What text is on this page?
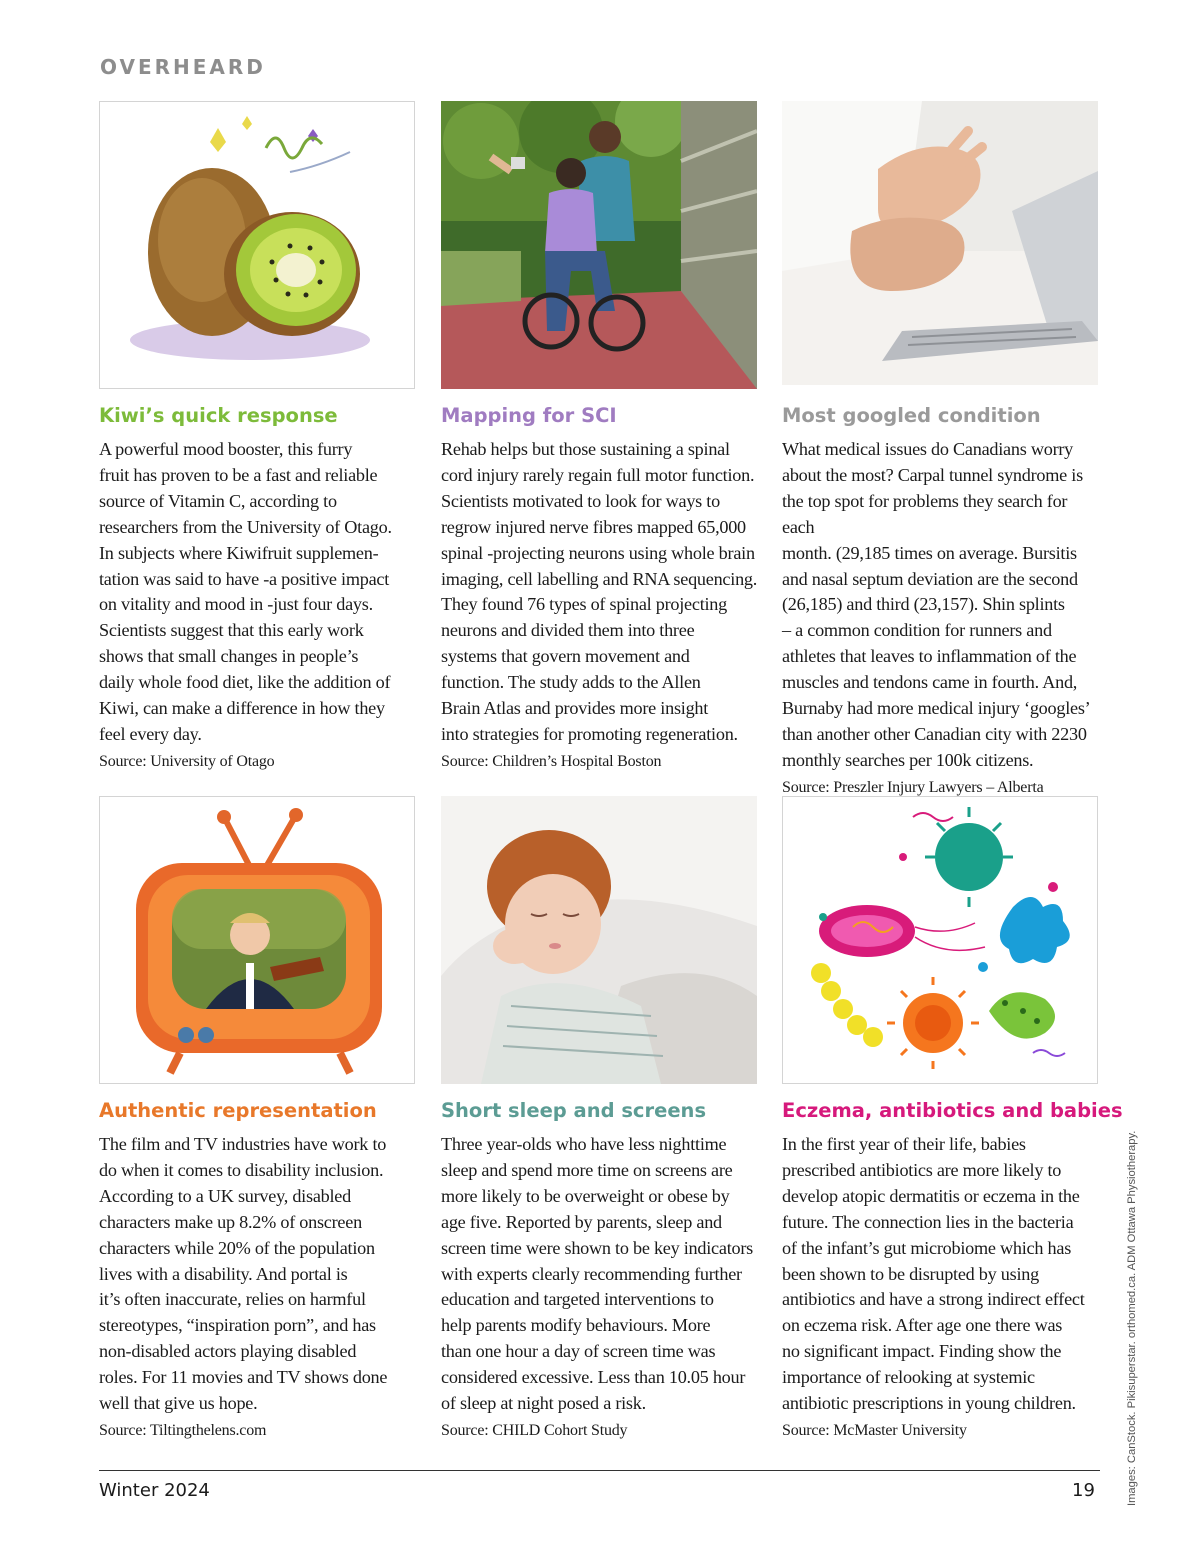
OVERHEARD
Kiwi’s quick response

A powerful mood booster, this furry
fruit has proven to be a fast and reliable
source of Vitamin C, according to
researchers from the University of Otago.
In subjects where Kiwifruit supplemen-
tation was said to have -a positive impact
on vitality and mood in -just four days.
Scientists suggest that this early work
shows that small changes in people’s
daily whole food diet, like the addition of
Kiwi, can make a difference in how they
feel every day.

Source: University of Otago
Mapping for SCI

Rehab helps but those sustaining a spinal
cord injury rarely regain full motor function.
Scientists motivated to look for ways to
regrow injured nerve fibres mapped 65,000
spinal -projecting neurons using whole brain
imaging, cell labelling and RNA sequencing.
They found 76 types of spinal projecting
neurons and divided them into three
systems that govern movement and
function. The study adds to the Allen
Brain Atlas and provides more insight
into strategies for promoting regeneration.

Source: Children’s Hospital Boston
Most googled condition

What medical issues do Canadians worry
about the most? Carpal tunnel syndrome is
the top spot for problems they search for each
month. (29,185 times on average. Bursitis
and nasal septum deviation are the second
(26,185) and third (23,157). Shin splints
– a common condition for runners and
athletes that leaves to inflammation of the
muscles and tendons came in fourth. And,
Burnaby had more medical injury ‘googles’
than another other Canadian city with 2230
monthly searches per 100k citizens.

Source: Preszler Injury Lawyers – Alberta
Authentic representation

The film and TV industries have work to
do when it comes to disability inclusion.
According to a UK survey, disabled
characters make up 8.2% of onscreen
characters while 20% of the population
lives with a disability. And portal is
it’s often inaccurate, relies on harmful
stereotypes, “inspiration porn”, and has
non-disabled actors playing disabled
roles. For 11 movies and TV shows done
well that give us hope.

Source: Tiltingthelens.com
Short sleep and screens

Three year-olds who have less nighttime
sleep and spend more time on screens are
more likely to be overweight or obese by
age five. Reported by parents, sleep and
screen time were shown to be key indicators
with experts clearly recommending further
education and targeted interventions to
help parents modify behaviours. More
than one hour a day of screen time was
considered excessive. Less than 10.05 hour
of sleep at night posed a risk.

Source: CHILD Cohort Study
Eczema, antibiotics and babies

In the first year of their life, babies
prescribed antibiotics are more likely to
develop atopic dermatitis or eczema in the
future. The connection lies in the bacteria
of the infant’s gut microbiome which has
been shown to be disrupted by using
antibiotics and have a strong indirect effect
on eczema risk. After age one there was
no significant impact. Finding show the
importance of relooking at systemic
antibiotic prescriptions in young children.

Source: McMaster University
Winter 2024	19	Images: CanStock. Pikisuperstar. orthomed.ca. ADM Ottawa Physiotherapy.
